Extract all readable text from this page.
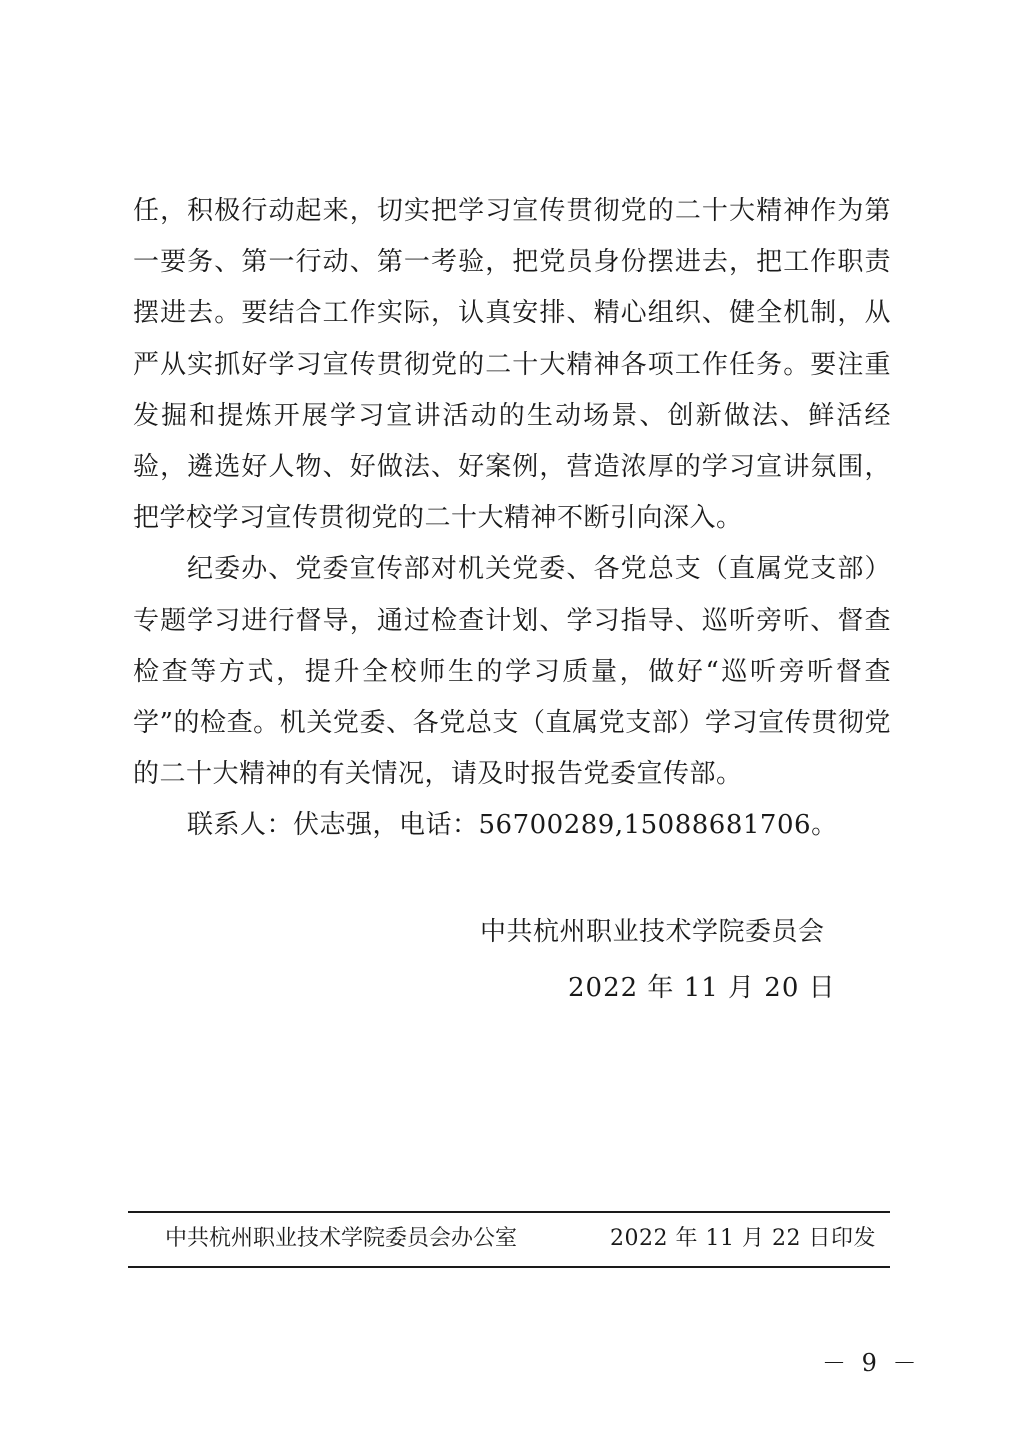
任，积极行动起来，切实把学习宣传贯彻党的二十大精神作为第一要务、第一行动、第一考验，把党员身份摆进去，把工作职责摆进去。要结合工作实际，认真安排、精心组织、健全机制，从严从实抓好学习宣传贯彻党的二十大精神各项工作任务。要注重发掘和提炼开展学习宣讲活动的生动场景、创新做法、鲜活经验，遴选好人物、好做法、好案例，营造浓厚的学习宣讲氛围，把学校学习宣传贯彻党的二十大精神不断引向深入。

纪委办、党委宣传部对机关党委、各党总支（直属党支部）专题学习进行督导，通过检查计划、学习指导、巡听旁听、督查检查等方式，提升全校师生的学习质量，做好“巡听旁听督查学”的检查。机关党委、各党总支（直属党支部）学习宣传贯彻党的二十大精神的有关情况，请及时报告党委宣传部。

联系人：伏志强，电话：56700289,15088681706。

中共杭州职业技术学院委员会
2022 年 11 月 20 日
中共杭州职业技术学院委员会办公室	2022 年 11 月 22 日印发
－ 9 －
